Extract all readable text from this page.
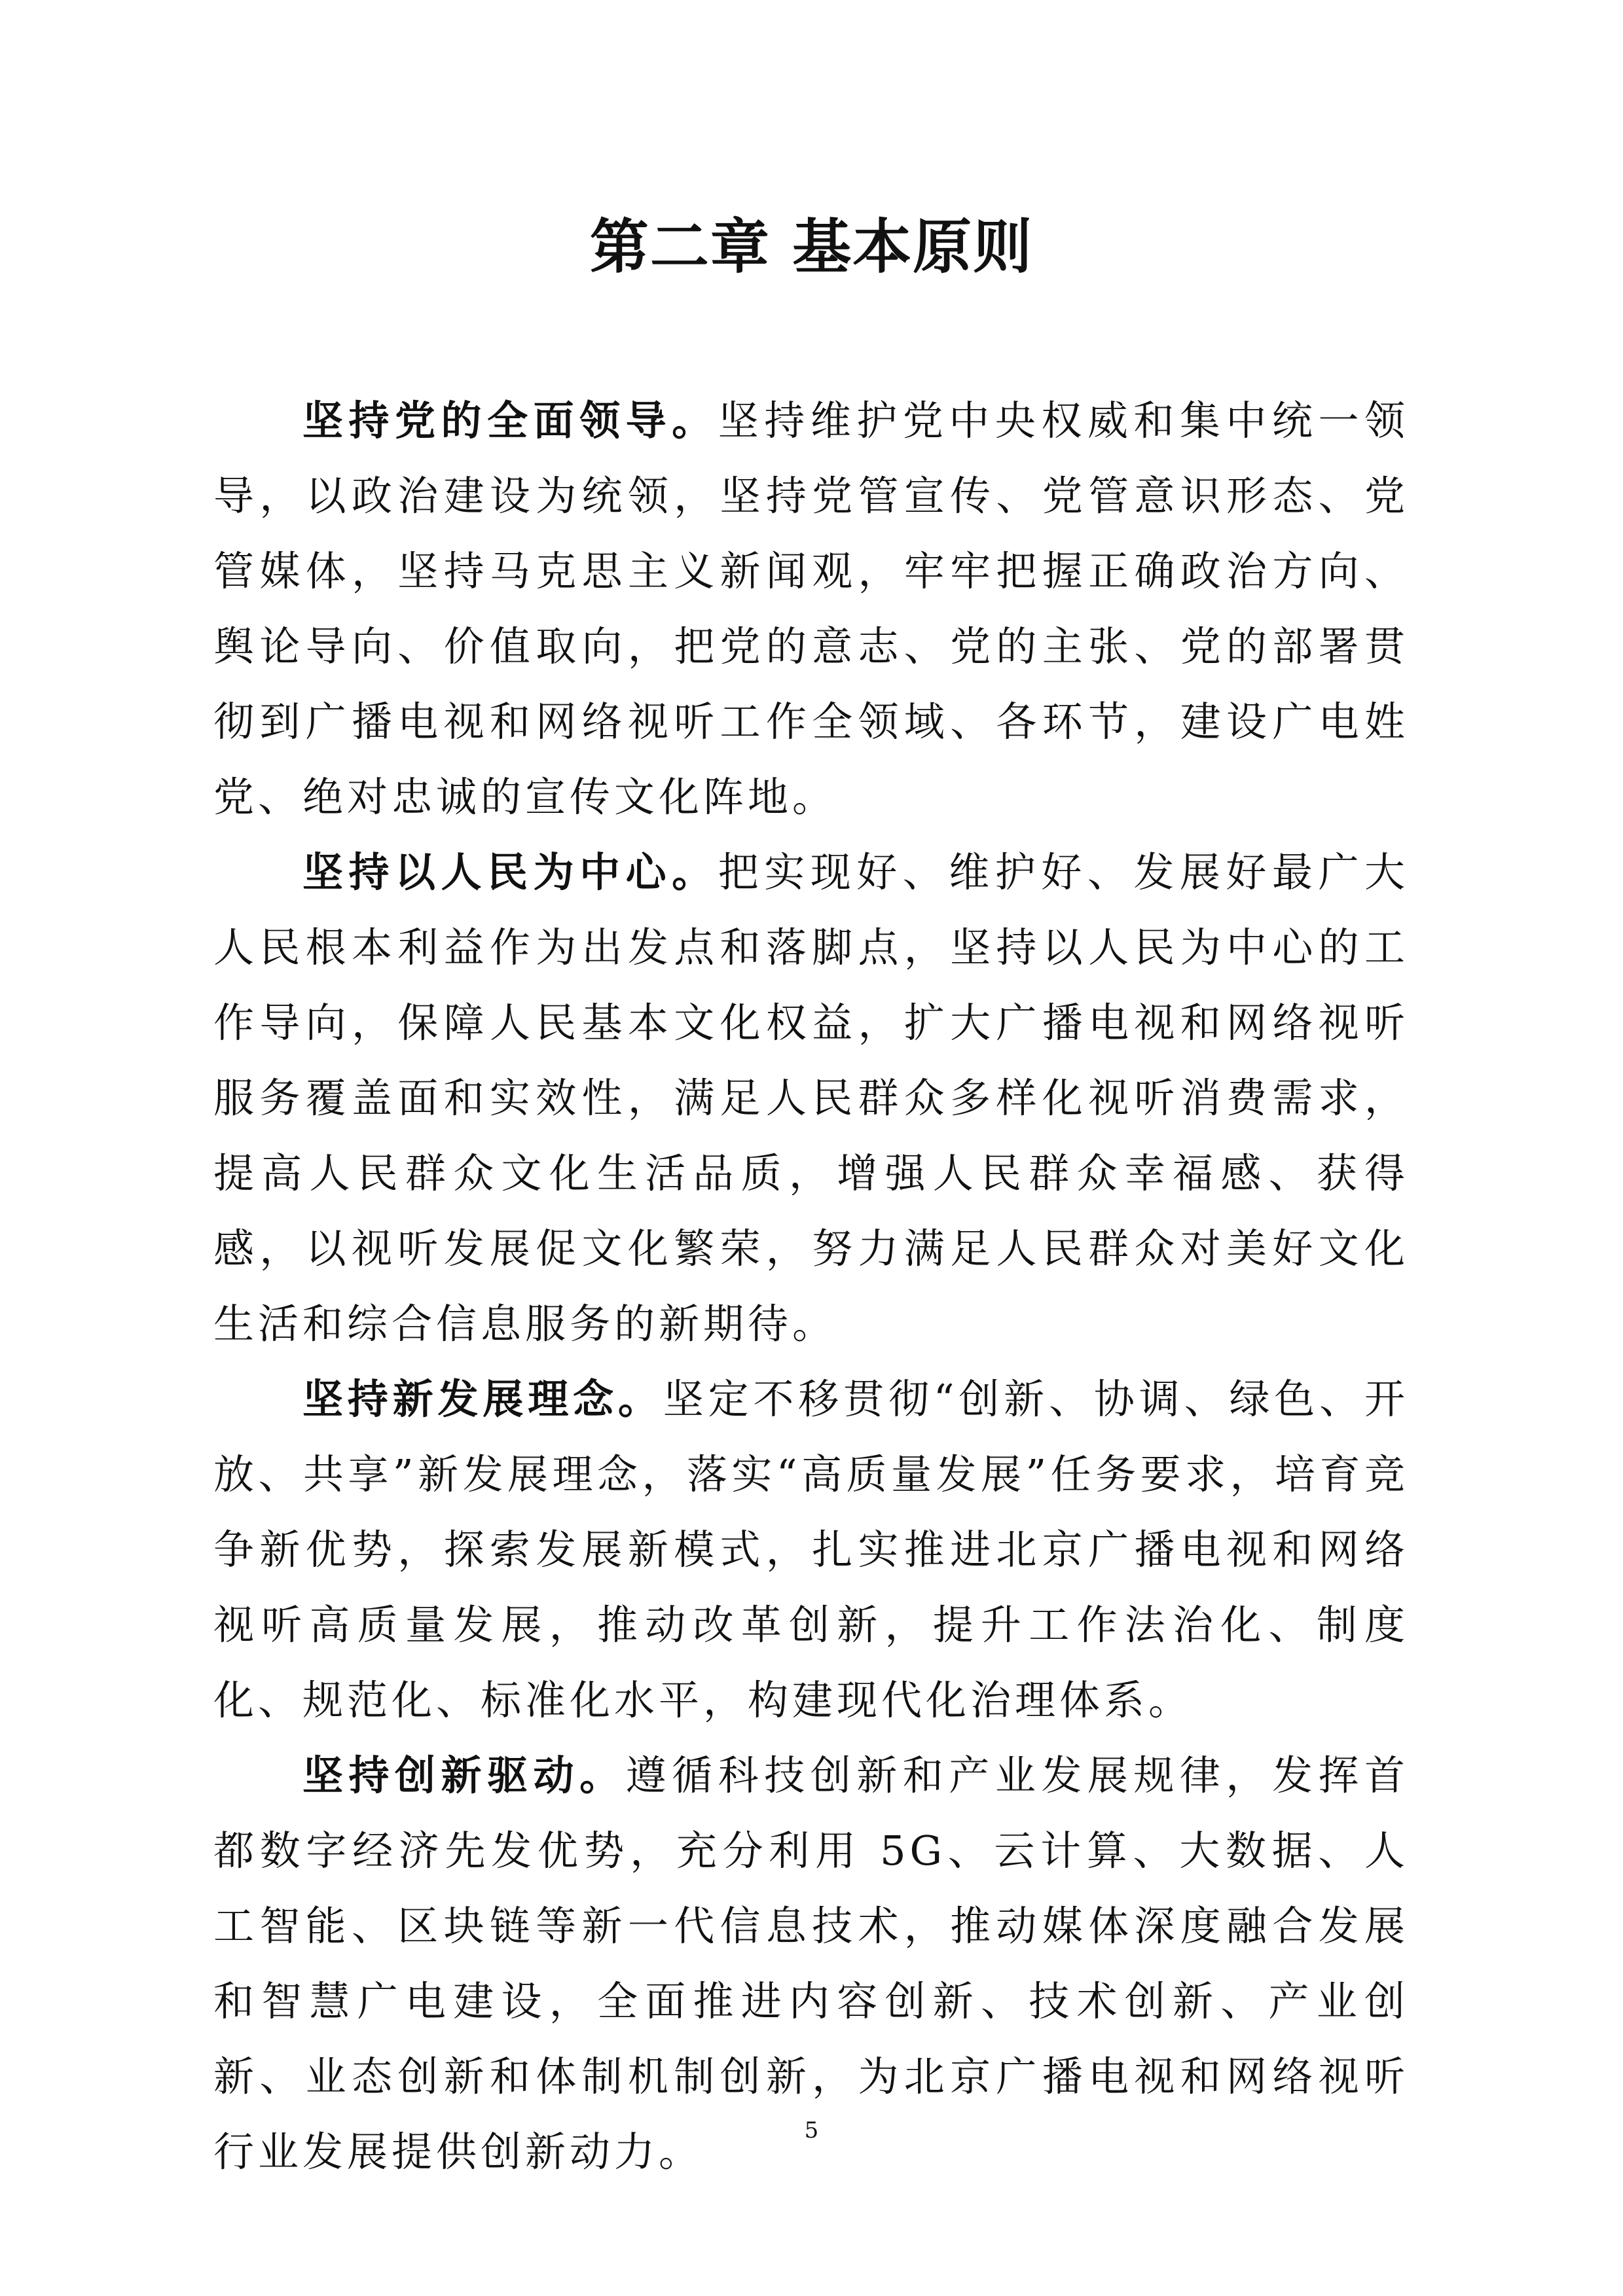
第二章 基本原则

坚持党的全面领导。坚持维护党中央权威和集中统一领导，以政治建设为统领，坚持党管宣传、党管意识形态、党管媒体，坚持马克思主义新闻观，牢牢把握正确政治方向、舆论导向、价值取向，把党的意志、党的主张、党的部署贯彻到广播电视和网络视听工作全领域、各环节，建设广电姓党、绝对忠诚的宣传文化阵地。

坚持以人民为中心。把实现好、维护好、发展好最广大人民根本利益作为出发点和落脚点，坚持以人民为中心的工作导向，保障人民基本文化权益，扩大广播电视和网络视听服务覆盖面和实效性，满足人民群众多样化视听消费需求，提高人民群众文化生活品质，增强人民群众幸福感、获得感，以视听发展促文化繁荣，努力满足人民群众对美好文化生活和综合信息服务的新期待。

坚持新发展理念。坚定不移贯彻“创新、协调、绿色、开放、共享”新发展理念，落实“高质量发展”任务要求，培育竞争新优势，探索发展新模式，扎实推进北京广播电视和网络视听高质量发展，推动改革创新，提升工作法治化、制度化、规范化、标准化水平，构建现代化治理体系。

坚持创新驱动。遵循科技创新和产业发展规律，发挥首都数字经济先发优势，充分利用 5G、云计算、大数据、人工智能、区块链等新一代信息技术，推动媒体深度融合发展和智慧广电建设，全面推进内容创新、技术创新、产业创新、业态创新和体制机制创新，为北京广播电视和网络视听行业发展提供创新动力。	5
